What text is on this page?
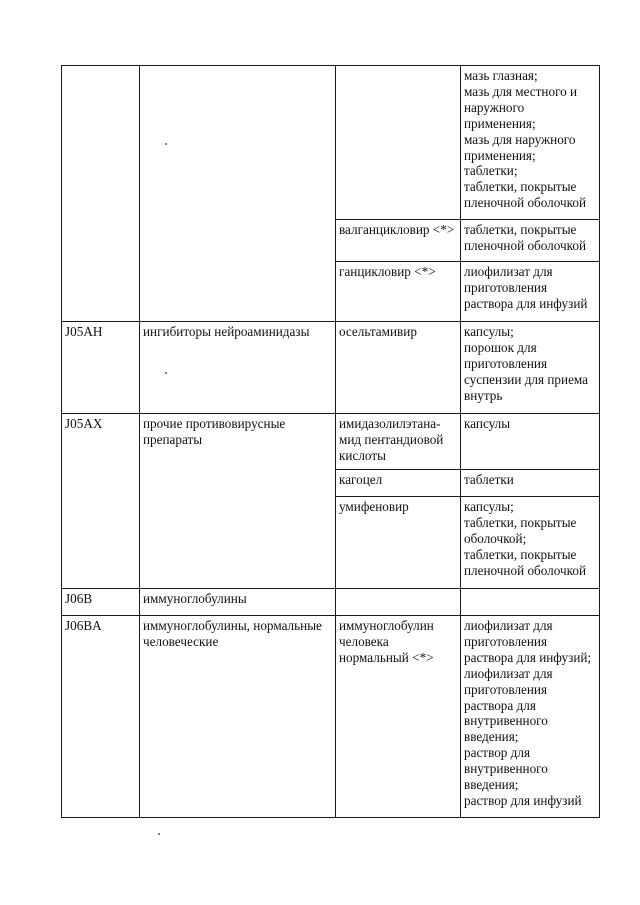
			мазь глазная;
мазь для местного и наружного применения;
мазь для наружного применения;
таблетки;
таблетки, покрытые пленочной оболочкой

		валганцикловир <*>	таблетки, покрытые пленочной оболочкой

		ганцикловир <*>	лиофилизат для приготовления раствора для инфузий

J05AH	ингибиторы нейроаминидазы	осельтамивир	капсулы;
порошок для приготовления суспензии для приема внутрь

J05AX	прочие противовирусные препараты	имидазолилэтана-мид пентандиовой кислоты	капсулы

		кагоцел	таблетки

		умифеновир	капсулы;
таблетки, покрытые оболочкой;
таблетки, покрытые пленочной оболочкой

J06B	иммуноглобулины		

J06BA	иммуноглобулины, нормальные человеческие	иммуноглобулин человека нормальный <*>	лиофилизат для приготовления раствора для инфузий;
лиофилизат для приготовления раствора для внутривенного введения;
раствор для внутривенного введения;
раствор для инфузий
